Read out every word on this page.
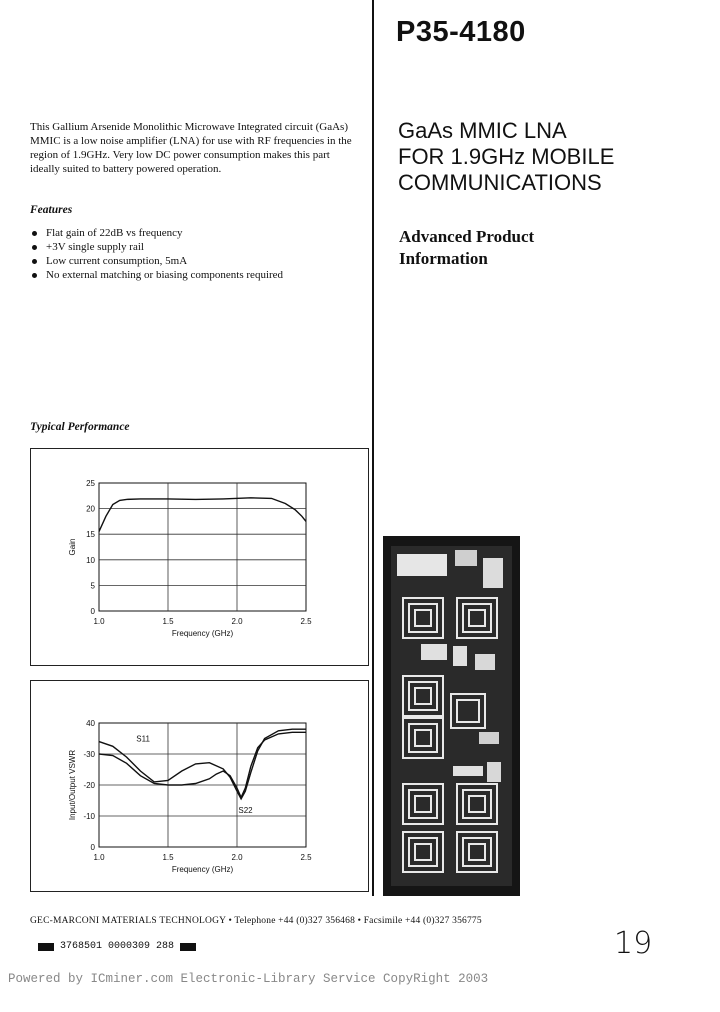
P35-4180
GaAs MMIC LNA
FOR 1.9GHz MOBILE
COMMUNICATIONS
Advanced Product
Information
This Gallium Arsenide Monolithic Microwave Integrated circuit (GaAs) MMIC is a low noise amplifier (LNA) for use with RF frequencies in the region of 1.9GHz. Very low DC power consumption makes this part ideally suited to battery powered operation.
Features
Flat gain of 22dB vs frequency
+3V single supply rail
Low current consumption, 5mA
No external matching or biasing components required
Typical Performance
0
5
10
15
20
25
1.0	1.5	2.0	2.5
Frequency (GHz)
Gain
0
-10
-20
-30
40
1.0	1.5	2.0	2.5
Frequency (GHz)
Input/Output VSWR
S11
S22
GEC-MARCONI MATERIALS TECHNOLOGY • Telephone +44 (0)327 356468 • Facsimile +44 (0)327 356775
3768501 0000309 288	19
Powered by ICminer.com Electronic-Library Service CopyRight 2003
